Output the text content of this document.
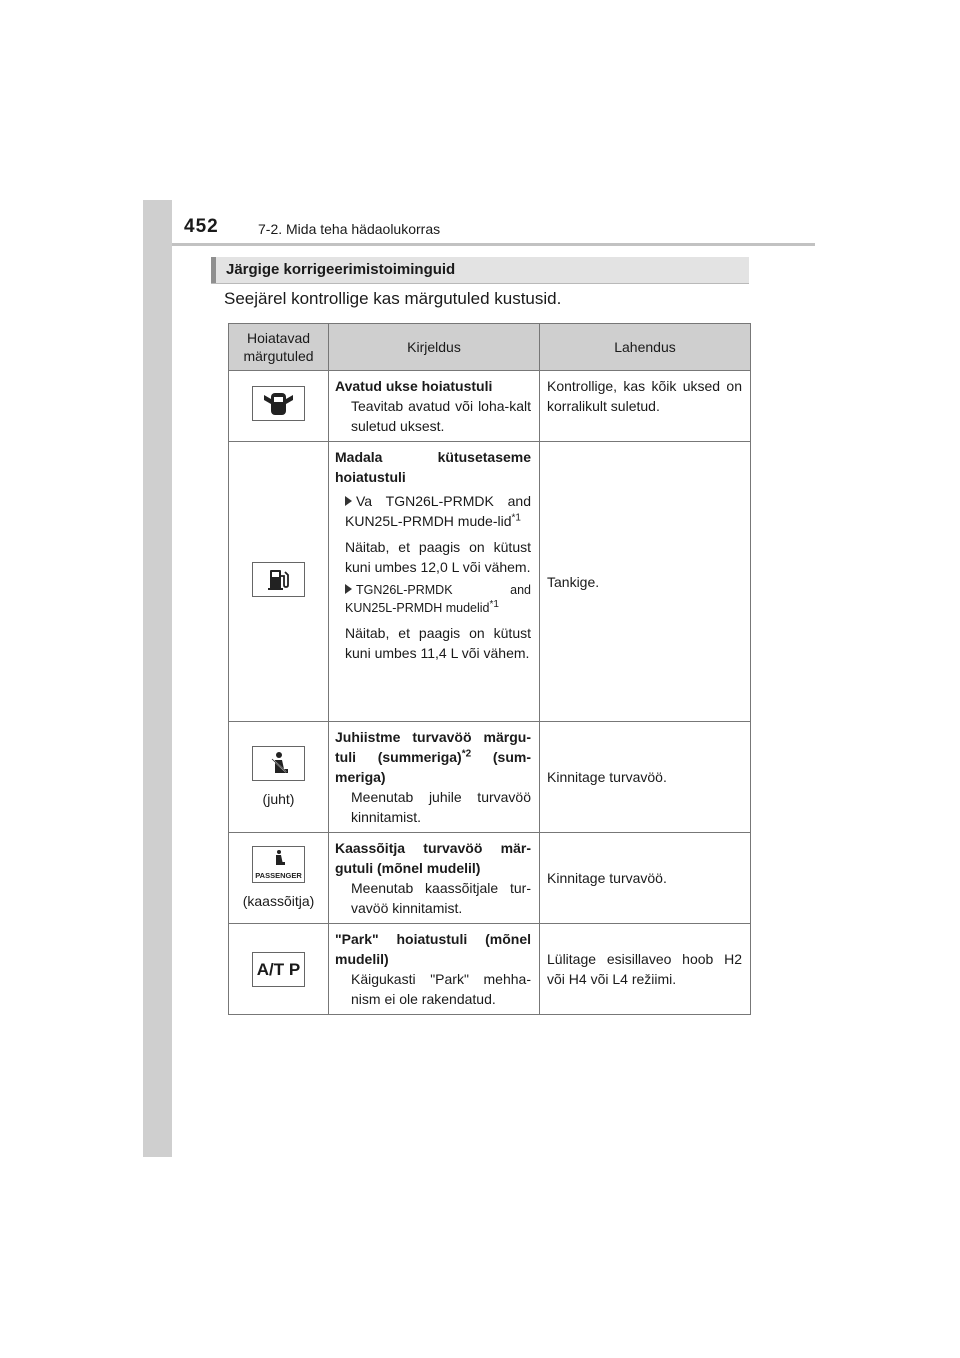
452	7-2. Mida teha hädaolukorras
Järgige korrigeerimistoiminguid
Seejärel kontrollige kas märgutuled kustusid.
Hoiatavad
märgutuled	Kirjeldus	Lahendus

Avatud ukse hoiatustuli
Teavitab avatud või loha-kalt suletud uksest.	Kontrollige, kas kõik uksed on korralikult suletud.

Madala kütusetaseme hoiatustuli
Va TGN26L-PRMDK and KUN25L-PRMDH mude-lid$^{*1}$
Näitab, et paagis on kütust kuni umbes 12,0 L või vähem.
TGN26L-PRMDK and KUN25L-PRMDH mudelid$^{*1}$
Näitab, et paagis on kütust kuni umbes 11,4 L või vähem.	Tankige.

(juht)	Juhiistme turvavöö märgu-tuli (summeriga)$^{*2}$ (sum-meriga)
Meenutab juhile turvavöö kinnitamist.	Kinnitage turvavöö.

PASSENGER
(kaassõitja)	Kaassõitja turvavöö mär-gutuli (mõnel mudelil)
Meenutab kaassõitjale tur-vavöö kinnitamist.	Kinnitage turvavöö.

A/T P	"Park" hoiatustuli (mõnel mudelil)
Käigukasti "Park" mehha-nism ei ole rakendatud.	Lülitage esisillaveo hoob H2 või H4 või L4 režiimi.
